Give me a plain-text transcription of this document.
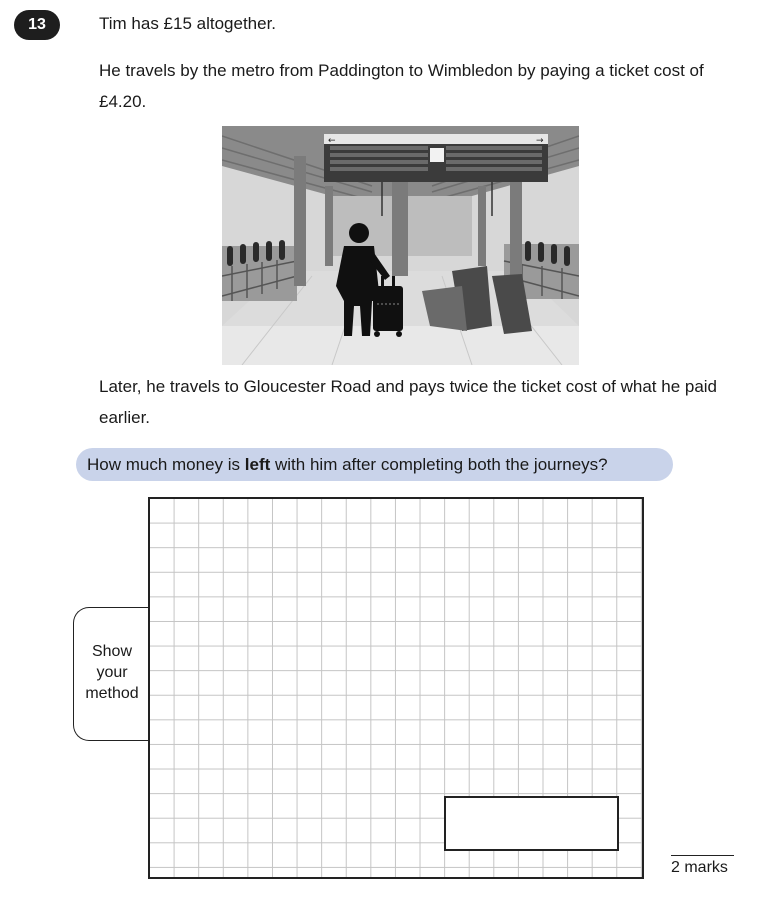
13	Tim has £15 altogether.

He travels by the metro from Paddington to Wimbledon by paying a ticket cost of £4.20.

←	→

Later, he travels to Gloucester Road and pays twice the ticket cost of what he paid earlier.

How much money is left with him after completing both the journeys?
Show
your
method
2 marks
